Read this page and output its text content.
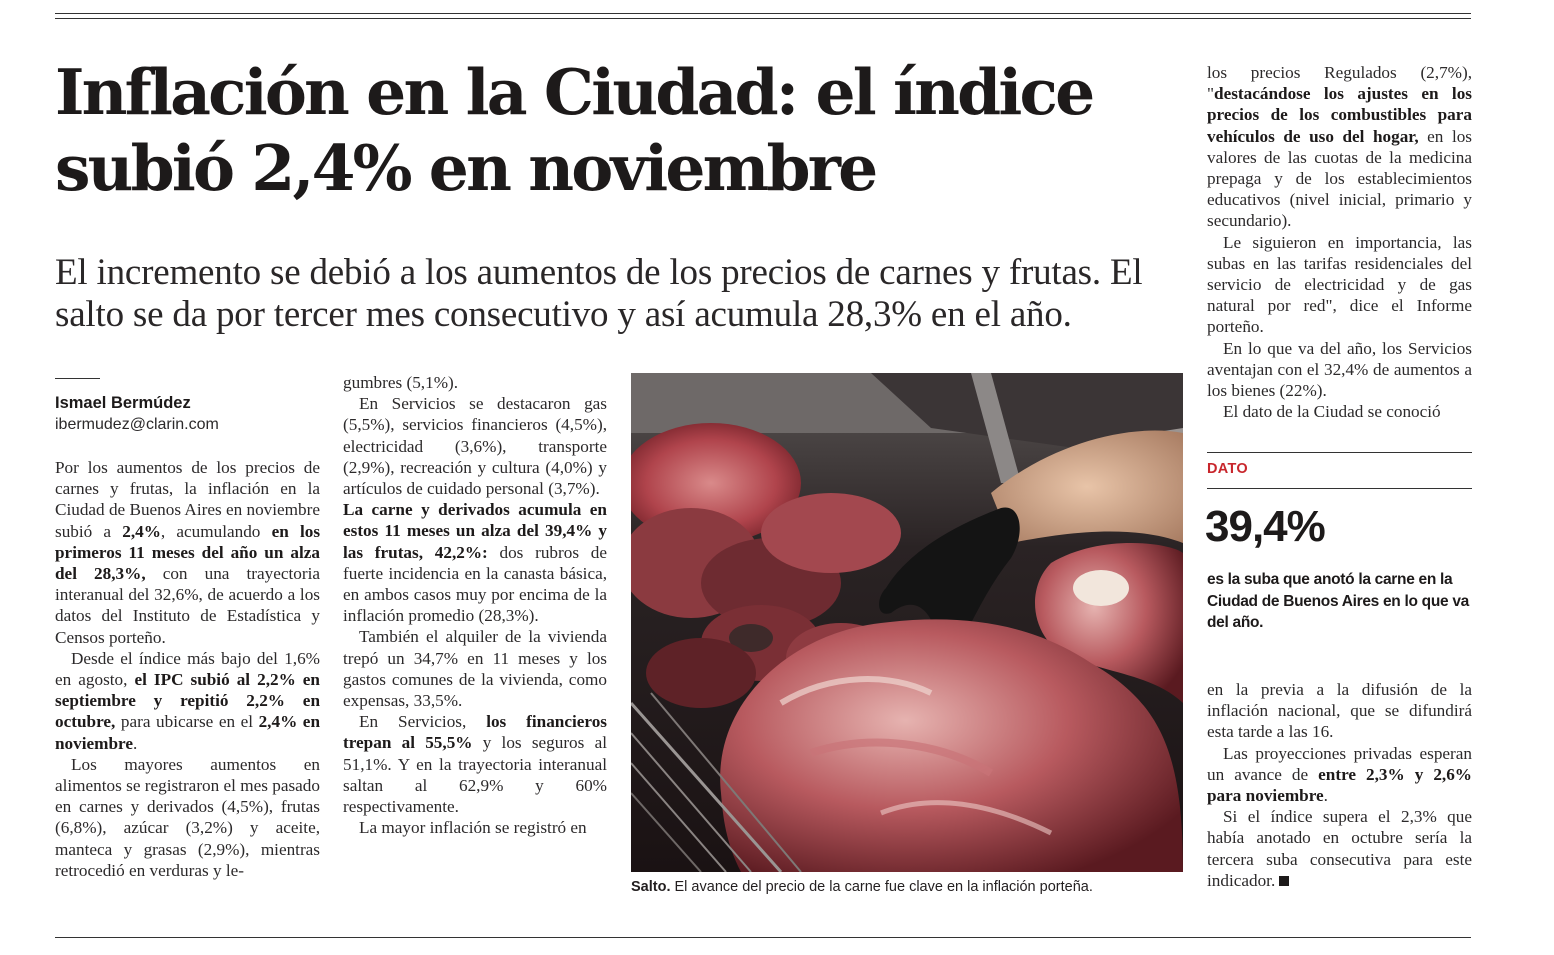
Inflación en la Ciudad: el índice
subió 2,4% en noviembre

El incremento se debió a los aumentos de los precios de carnes y frutas. El salto se da por tercer mes consecutivo y así acumula 28,3% en el año.

Ismael Bermúdez
ibermudez@clarin.com

Por los aumentos de los precios de carnes y frutas, la inflación en la Ciudad de Buenos Aires en noviembre subió a 2,4%, acumulando en los primeros 11 meses del año un alza del 28,3%, con una trayectoria interanual del 32,6%, de acuerdo a los datos del Instituto de Estadística y Censos porteño.

Desde el índice más bajo del 1,6% en agosto, el IPC subió al 2,2% en septiembre y repitió 2,2% en octubre, para ubicarse en el 2,4% en noviembre.

Los mayores aumentos en alimentos se registraron el mes pasado en carnes y derivados (4,5%), frutas (6,8%), azúcar (3,2%) y aceite, manteca y grasas (2,9%), mientras retrocedió en verduras y le-

gumbres (5,1%).

En Servicios se destacaron gas (5,5%), servicios financieros (4,5%), electricidad (3,6%), transporte (2,9%), recreación y cultura (4,0%) y artículos de cuidado personal (3,7%).

La carne y derivados acumula en estos 11 meses un alza del 39,4% y las frutas, 42,2%: dos rubros de fuerte incidencia en la canasta básica, en ambos casos muy por encima de la inflación promedio (28,3%).

También el alquiler de la vivienda trepó un 34,7% en 11 meses y los gastos comunes de la vivienda, como expensas, 33,5%.

En Servicios, los financieros trepan al 55,5% y los seguros al 51,1%. Y en la trayectoria interanual saltan al 62,9% y 60% respectivamente.

La mayor inflación se registró en

Salto. El avance del precio de la carne fue clave en la inflación porteña.

los precios Regulados (2,7%), "destacándose los ajustes en los precios de los combustibles para vehículos de uso del hogar, en los valores de las cuotas de la medicina prepaga y de los establecimientos educativos (nivel inicial, primario y secundario).

Le siguieron en importancia, las subas en las tarifas residenciales del servicio de electricidad y de gas natural por red", dice el Informe porteño.

En lo que va del año, los Servicios aventajan con el 32,4% de aumentos a los bienes (22%).

El dato de la Ciudad se conoció

DATO
39,4%
es la suba que anotó la carne en la Ciudad de Buenos Aires en lo que va del año.

en la previa a la difusión de la inflación nacional, que se difundirá esta tarde a las 16.

Las proyecciones privadas esperan un avance de entre 2,3% y 2,6% para noviembre.

Si el índice supera el 2,3% que había anotado en octubre sería la tercera suba consecutiva para este indicador.
